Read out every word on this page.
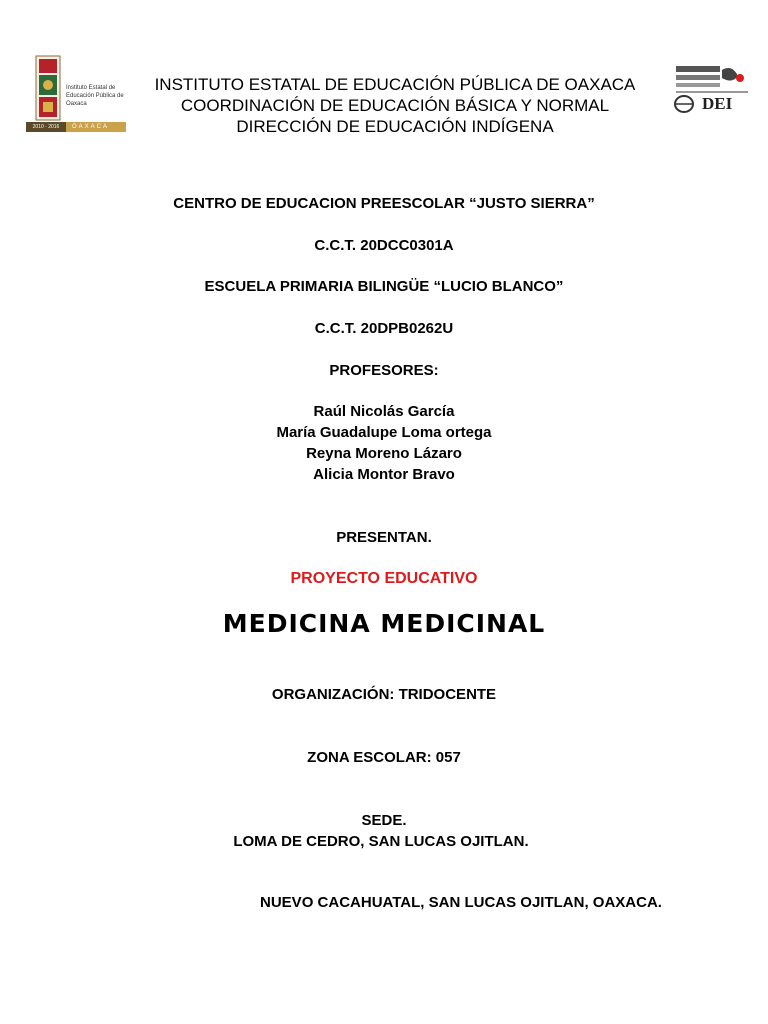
Instituto Estatal de Educación Pública de Oaxaca
2010 · 2016	OAXACA
INSTITUTO ESTATAL DE EDUCACIÓN PÚBLICA DE OAXACA
COORDINACIÓN DE EDUCACIÓN BÁSICA Y NORMAL
DIRECCIÓN DE EDUCACIÓN INDÍGENA
DEI
CENTRO DE EDUCACION PREESCOLAR “JUSTO SIERRA”
C.C.T. 20DCC0301A
ESCUELA PRIMARIA BILINGÜE “LUCIO BLANCO”
C.C.T. 20DPB0262U
PROFESORES:
Raúl Nicolás García
María Guadalupe Loma ortega
Reyna Moreno Lázaro
Alicia Montor Bravo
PRESENTAN.
PROYECTO EDUCATIVO
MEDICINA MEDICINAL
ORGANIZACIÓN: TRIDOCENTE
ZONA ESCOLAR: 057
SEDE.
LOMA DE CEDRO, SAN LUCAS OJITLAN.
NUEVO CACAHUATAL, SAN LUCAS OJITLAN, OAXACA.
